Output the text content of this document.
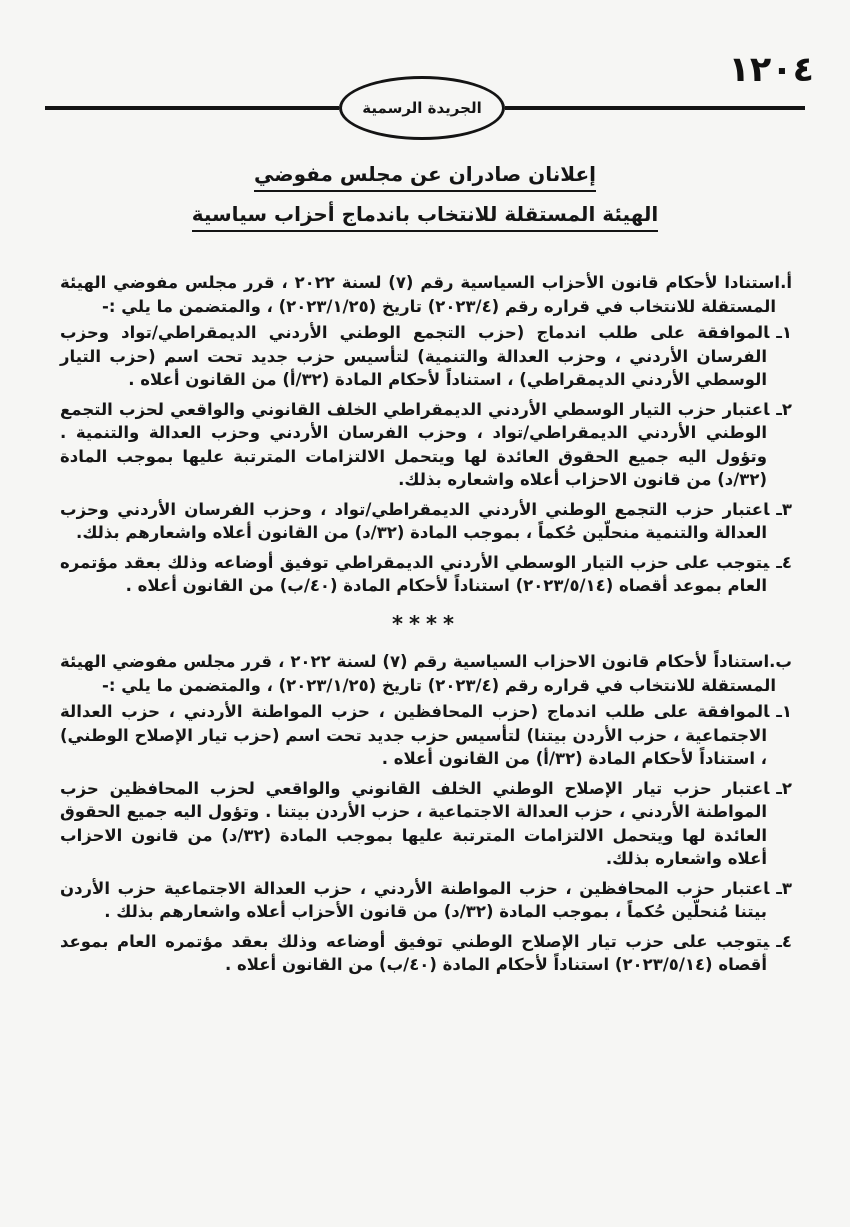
١٢٠٤
الجريدة الرسمية
إعلانان صادران عن مجلس مفوضي
الهيئة المستقلة للانتخاب باندماج أحزاب سياسية

أ.استنادا لأحكام قانون الأحزاب السياسية رقم (٧) لسنة ٢٠٢٢ ، قرر مجلس مفوضي الهيئة المستقلة للانتخاب في قراره رقم (٢٠٢٣/٤) تاريخ (٢٠٢٣/١/٢٥) ، والمتضمن ما يلي :-

١ـالموافقة على طلب اندماج (حزب التجمع الوطني الأردني الديمقراطي/تواد وحزب الفرسان الأردني ، وحزب العدالة والتنمية) لتأسيس حزب جديد تحت اسم (حزب التيار الوسطي الأردني الديمقراطي) ، استناداً لأحكام المادة (٣٢/أ) من القانون أعلاه .

٢ـاعتبار حزب التيار الوسطي الأردني الديمقراطي الخلف القانوني والواقعي لحزب التجمع الوطني الأردني الديمقراطي/تواد ، وحزب الفرسان الأردني وحزب العدالة والتنمية . وتؤول اليه جميع الحقوق العائدة لها ويتحمل الالتزامات المترتبة عليها بموجب المادة (٣٢/د) من قانون الاحزاب أعلاه واشعاره بذلك.

٣ـاعتبار حزب التجمع الوطني الأردني الديمقراطي/تواد ، وحزب الفرسان الأردني وحزب العدالة والتنمية منحلّين حُكماً ، بموجب المادة (٣٢/د) من القانون أعلاه واشعارهم بذلك.

٤ـيتوجب على حزب التيار الوسطي الأردني الديمقراطي توفيق أوضاعه وذلك بعقد مؤتمره العام بموعد أقصاه (٢٠٢٣/٥/١٤) استناداً لأحكام المادة (٤٠/ب) من القانون أعلاه .

****

ب.استناداً لأحكام قانون الاحزاب السياسية رقم (٧) لسنة ٢٠٢٢ ، قرر مجلس مفوضي الهيئة المستقلة للانتخاب في قراره رقم (٢٠٢٣/٤) تاريخ (٢٠٢٣/١/٢٥) ، والمتضمن ما يلي :-

١ـالموافقة على طلب اندماج (حزب المحافظين ، حزب المواطنة الأردني ، حزب العدالة الاجتماعية ، حزب الأردن بيتنا) لتأسيس حزب جديد تحت اسم (حزب تيار الإصلاح الوطني) ، استناداً لأحكام المادة (٣٢/أ) من القانون أعلاه .

٢ـاعتبار حزب تيار الإصلاح الوطني الخلف القانوني والواقعي لحزب المحافظين حزب المواطنة الأردني ، حزب العدالة الاجتماعية ، حزب الأردن بيتنا . وتؤول اليه جميع الحقوق العائدة لها ويتحمل الالتزامات المترتبة عليها بموجب المادة (٣٢/د) من قانون الاحزاب أعلاه واشعاره بذلك.

٣ـاعتبار حزب المحافظين ، حزب المواطنة الأردني ، حزب العدالة الاجتماعية حزب الأردن بيتنا مُنحلّين حُكماً ، بموجب المادة (٣٢/د) من قانون الأحزاب أعلاه واشعارهم بذلك .

٤ـيتوجب على حزب تيار الإصلاح الوطني توفيق أوضاعه وذلك بعقد مؤتمره العام بموعد أقصاه (٢٠٢٣/٥/١٤) استناداً لأحكام المادة (٤٠/ب) من القانون أعلاه .
